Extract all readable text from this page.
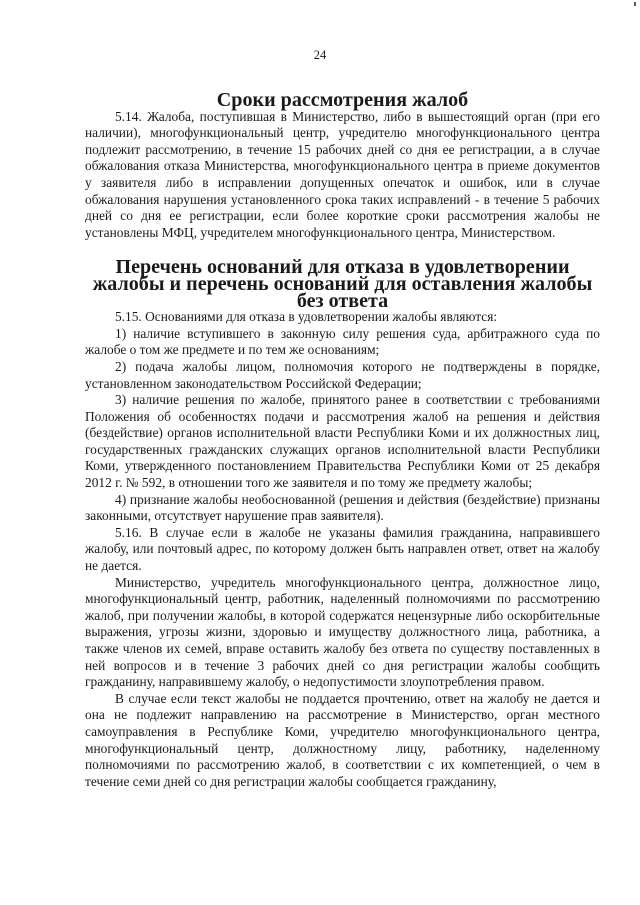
24
Сроки рассмотрения жалоб

5.14. Жалоба, поступившая в Министерство, либо в вышестоящий орган (при его наличии), многофункциональный центр, учредителю многофункционального центра подлежит рассмотрению, в течение 15 рабочих дней со дня ее регистрации, а в случае обжалования отказа Министерства, многофункционального центра в приеме документов у заявителя либо в исправлении допущенных опечаток и ошибок, или в случае обжалования нарушения установленного срока таких исправлений - в течение 5 рабочих дней со дня ее регистрации, если более короткие сроки рассмотрения жалобы не установлены МФЦ, учредителем многофункционального центра, Министерством.

Перечень оснований для отказа в удовлетворении жалобы и перечень оснований для оставления жалобы без ответа

5.15. Основаниями для отказа в удовлетворении жалобы являются:

1) наличие вступившего в законную силу решения суда, арбитражного суда по жалобе о том же предмете и по тем же основаниям;

2) подача жалобы лицом, полномочия которого не подтверждены в порядке, установленном законодательством Российской Федерации;

3) наличие решения по жалобе, принятого ранее в соответствии с требованиями Положения об особенностях подачи и рассмотрения жалоб на решения и действия (бездействие) органов исполнительной власти Республики Коми и их должностных лиц, государственных гражданских служащих органов исполнительной власти Республики Коми, утвержденного постановлением Правительства Республики Коми от 25 декабря 2012 г. № 592, в отношении того же заявителя и по тому же предмету жалобы;

4) признание жалобы необоснованной (решения и действия (бездействие) признаны законными, отсутствует нарушение прав заявителя).

5.16. В случае если в жалобе не указаны фамилия гражданина, направившего жалобу, или почтовый адрес, по которому должен быть направлен ответ, ответ на жалобу не дается.

Министерство, учредитель многофункционального центра, должностное лицо, многофункциональный центр, работник, наделенный полномочиями по рассмотрению жалоб, при получении жалобы, в которой содержатся нецензурные либо оскорбительные выражения, угрозы жизни, здоровью и имуществу должностного лица, работника, а также членов их семей, вправе оставить жалобу без ответа по существу поставленных в ней вопросов и в течение 3 рабочих дней со дня регистрации жалобы сообщить гражданину, направившему жалобу, о недопустимости злоупотребления правом.

В случае если текст жалобы не поддается прочтению, ответ на жалобу не дается и она не подлежит направлению на рассмотрение в Министерство, орган местного самоуправления в Республике Коми, учредителю многофункционального центра, многофункциональный центр, должностному лицу, работнику, наделенному полномочиями по рассмотрению жалоб, в соответствии с их компетенцией, о чем в течение семи дней со дня регистрации жалобы сообщается гражданину,
